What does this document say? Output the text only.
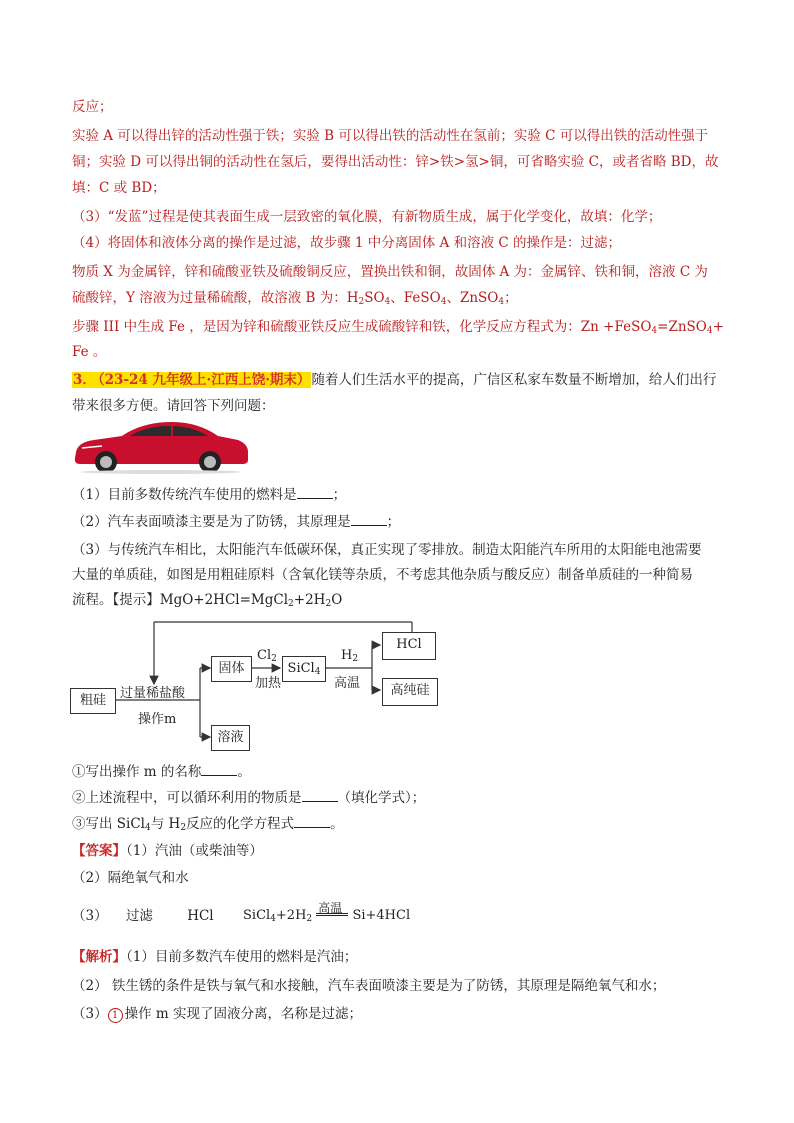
反应；
实验 A 可以得出锌的活动性强于铁；实验 B 可以得出铁的活动性在氢前；实验 C 可以得出铁的活动性强于
铜；实验 D 可以得出铜的活动性在氢后，要得出活动性：锌>铁>氢>铜，可省略实验 C，或者省略 BD，故
填：C 或 BD；
（3）“发蓝”过程是使其表面生成一层致密的氧化膜，有新物质生成，属于化学变化，故填：化学；
（4）将固体和液体分离的操作是过滤，故步骤 1 中分离固体 A 和溶液 C 的操作是：过滤；
物质 X 为金属锌，锌和硫酸亚铁及硫酸铜反应，置换出铁和铜，故固体 A 为：金属锌、铁和铜，溶液 C 为
硫酸锌，Y 溶液为过量稀硫酸，故溶液 B 为：$H_2SO_4$、FeSO$_4$、ZnSO$_4$；
步骤 III 中生成 Fe ，是因为锌和硫酸亚铁反应生成硫酸锌和铁，化学反应方程式为：Zn +FeSO$_4$=ZnSO$_4$+
Fe 。
3． （23-24 九年级上·江西上饶·期末）随着人们生活水平的提高，广信区私家车数量不断增加，给人们出行
带来很多方便。请回答下列问题：
（1）目前多数传统汽车使用的燃料是	；
（2）汽车表面喷漆主要是为了防锈，其原理是	；
（3）与传统汽车相比，太阳能汽车低碳环保，真正实现了零排放。制造太阳能汽车所用的太阳能电池需要
大量的单质硅，如图是用粗硅原料（含氧化镁等杂质，不考虑其他杂质与酸反应）制备单质硅的一种简易
流程。【提示】$MgO+2HCl=MgCl_2+2H_2O$
粗硅
固体	SiCl$_4$
HCl
高纯硅
溶液
过量稀盐酸
操作m
$Cl_2$
加热
$H_2$
高温
①写出操作 m 的名称	。
②上述流程中，可以循环利用的物质是	（填化学式）；
③写出 SiCl$_4$与 $H_2$反应的化学方程式	。
【答案】（1）汽油（或柴油等）
（2）隔绝氧气和水
（3） 过滤	HCl $SiCl_4+2H_2$
高温 Si+4HCl
【解析】（1）目前多数汽车使用的燃料是汽油；
（2） 铁生锈的条件是铁与氧气和水接触，汽车表面喷漆主要是为了防锈，其原理是隔绝氧气和水；
（3） 1 操作 m 实现了固液分离，名称是过滤；
